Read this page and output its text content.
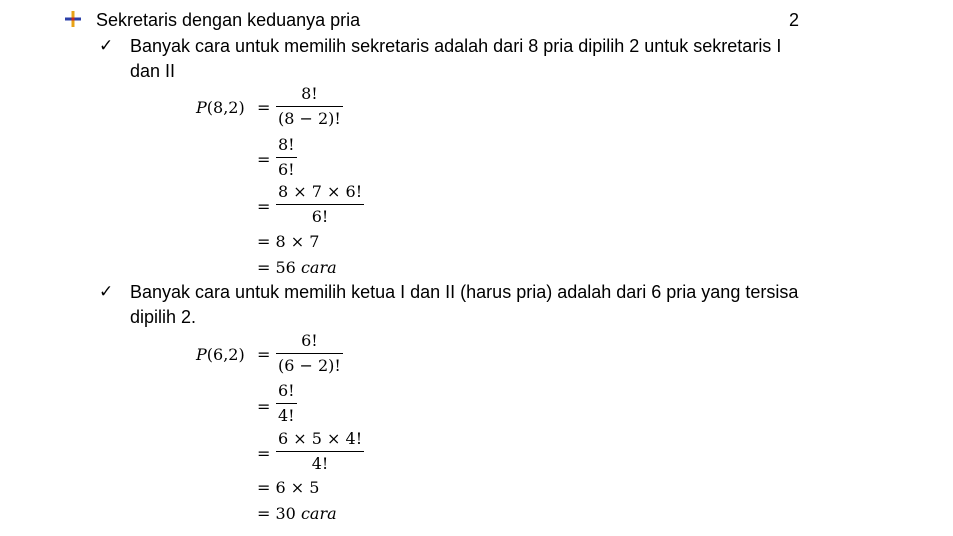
Sekretaris dengan keduanya pria	2
✓ Banyak cara untuk memilih sekretaris adalah dari 8 pria dipilih 2 untuk sekretaris I
dan II
P(8,2) =
8!
(8 − 2)!
=
8!
6!
=
8 × 7 × 6!
6!
= 8 × 7
= 56 cara
✓ Banyak cara untuk memilih ketua I dan II (harus pria) adalah dari 6 pria yang tersisa
dipilih 2.
P(6,2) =
6!
(6 − 2)!
=
6!
4!
=
6 × 5 × 4!
4!
= 6 × 5
= 30 cara
